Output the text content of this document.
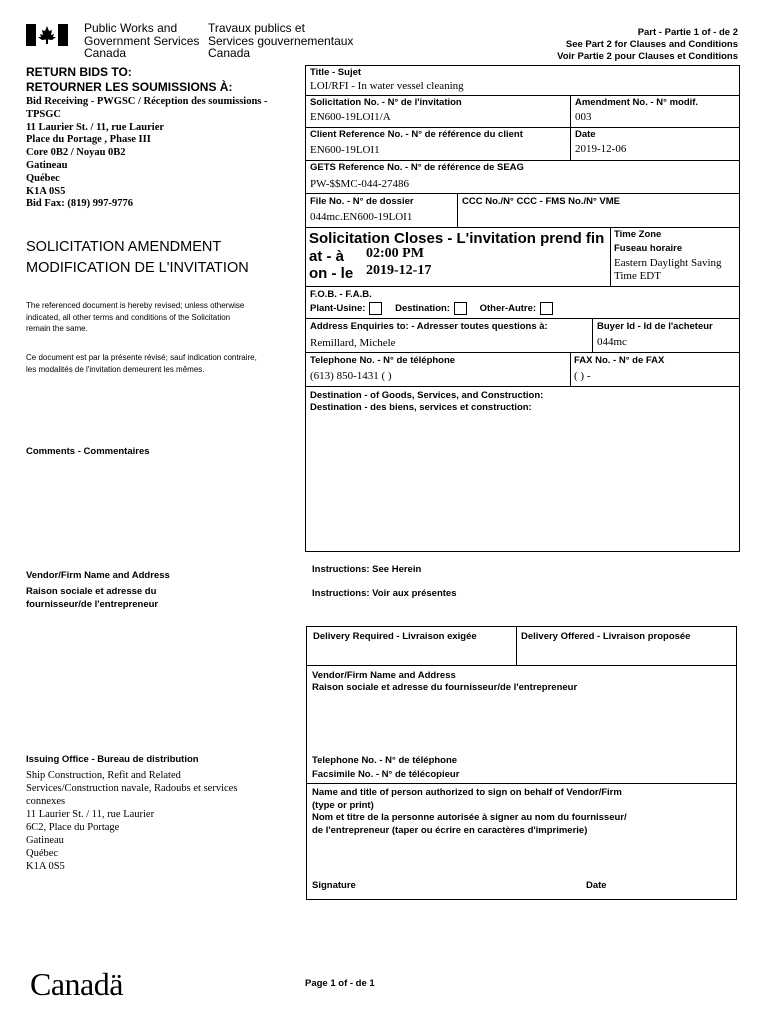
Public Works and
Government Services
Canada
Travaux publics et
Services gouvernementaux
Canada
Part - Partie 1 of - de 2
See Part 2 for Clauses and Conditions
Voir Partie 2 pour Clauses et Conditions
RETURN BIDS TO:
RETOURNER LES SOUMISSIONS À:
Bid Receiving - PWGSC / Réception des soumissions -
TPSGC
11 Laurier St. / 11, rue Laurier
Place du Portage , Phase III
Core 0B2 / Noyau 0B2
Gatineau
Québec
K1A 0S5
Bid Fax: (819) 997-9776
SOLICITATION AMENDMENT
MODIFICATION DE L'INVITATION
The referenced document is hereby revised; unless otherwise
indicated, all other terms and conditions of the Solicitation
remain the same.
Ce document est par la présente révisé; sauf indication contraire,
les modalités de l'invitation demeurent les mêmes.
Comments - Commentaires
Vendor/Firm Name and Address
Raison sociale et adresse du
fournisseur/de l'entrepreneur
Issuing Office - Bureau de distribution
Ship Construction, Refit and Related
Services/Construction navale, Radoubs et services
connexes
11 Laurier St. / 11, rue Laurier
6C2, Place du Portage
Gatineau
Québec
K1A 0S5
Title - Sujet
LOI/RFI - In water vessel cleaning
Solicitation No. - N° de l'invitation
EN600-19LOI1/A
Amendment No. - N° modif.
003
Client Reference No. - N° de référence du client
EN600-19LOI1
Date
2019-12-06
GETS Reference No. - N° de référence de SEAG
PW-$$MC-044-27486
File No. - N° de dossier
044mc.EN600-19LOI1
CCC No./N° CCC - FMS No./N° VME
Solicitation Closes - L'invitation prend fin
at - à 02:00 PM
on - le 2019-12-17
Time Zone
Fuseau horaire
Eastern Daylight Saving
Time EDT
F.O.B. - F.A.B.
Plant-Usine:	Destination:	Other-Autre:
Address Enquiries to: - Adresser toutes questions à:
Remillard, Michele
Buyer Id - Id de l'acheteur
044mc
Telephone No. - N° de téléphone
(613) 850-1431 ( )
FAX No. - N° de FAX
( ) -
Destination - of Goods, Services, and Construction:
Destination - des biens, services et construction:
Instructions: See Herein
Instructions: Voir aux présentes
Delivery Required - Livraison exigée	Delivery Offered - Livraison proposée
Vendor/Firm Name and Address
Raison sociale et adresse du fournisseur/de l'entrepreneur
Telephone No. - N° de téléphone
Facsimile No. - N° de télécopieur
Name and title of person authorized to sign on behalf of Vendor/Firm
(type or print)
Nom et titre de la personne autorisée à signer au nom du fournisseur/
de l'entrepreneur (taper ou écrire en caractères d'imprimerie)
Signature	Date
Canadä	Page 1 of - de 1
